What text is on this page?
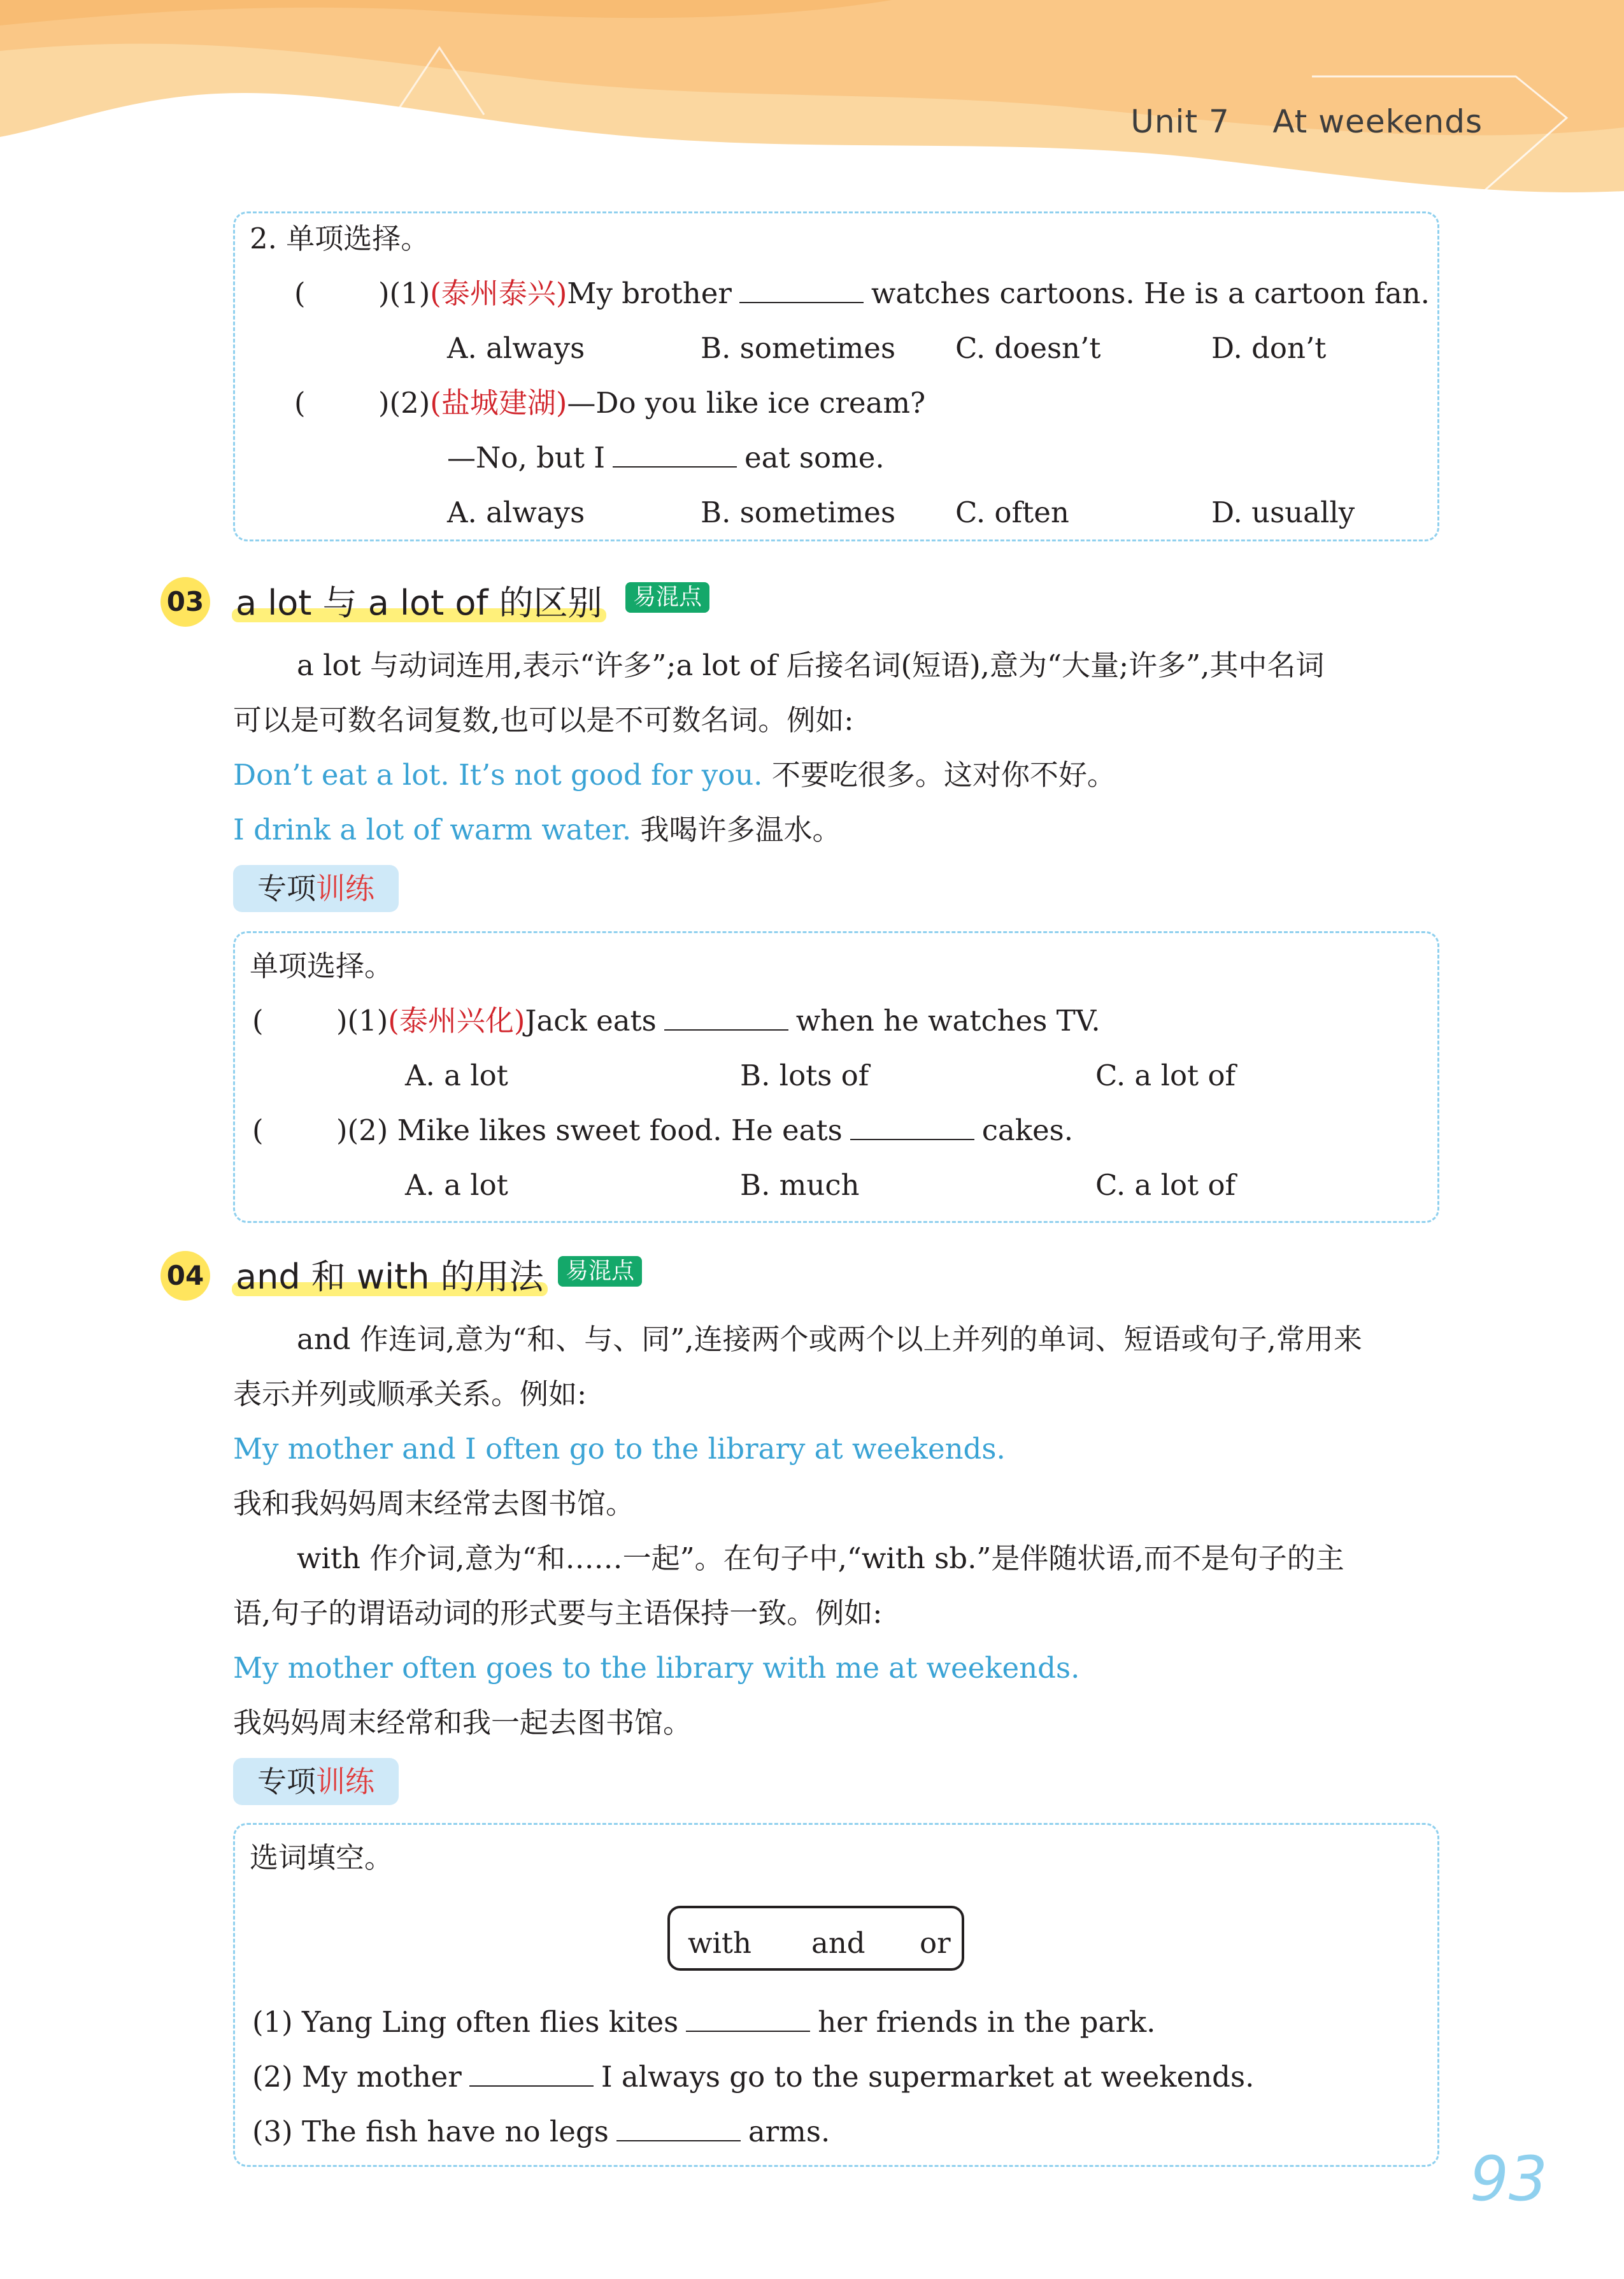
Unit 7 At weekends
2. 单项选择。
(        )(1)(泰州泰兴)My brother	watches cartoons. He is a cartoon fan.
A. always	B. sometimes C. doesn’t	D. don’t
(        )(2)(盐城建湖)—Do you like ice cream?
—No, but I	eat some.
A. always	B. sometimes C. often	D. usually
03 a lot 与 a lot of 的区别	易混点
a lot 与动词连用,表示“许多”;a lot of 后接名词(短语),意为“大量;许多”,其中名词
可以是可数名词复数,也可以是不可数名词。例如:
Don’t eat a lot. It’s not good for you. 不要吃很多。这对你不好。
I drink a lot of warm water. 我喝许多温水。
专项训练
单项选择。
(        )(1)(泰州兴化)Jack eats	when he watches TV.
A. a lot	B. lots of	C. a lot of
(        )(2) Mike likes sweet food. He eats	cakes.
A. a lot	B. much	C. a lot of
04 and 和 with 的用法 易混点
and 作连词,意为“和、与、同”,连接两个或两个以上并列的单词、短语或句子,常用来
表示并列或顺承关系。例如:
My mother and I often go to the library at weekends.
我和我妈妈周末经常去图书馆。
with 作介词,意为“和……一起”。在句子中,“with sb.”是伴随状语,而不是句子的主
语,句子的谓语动词的形式要与主语保持一致。例如:
My mother often goes to the library with me at weekends.
我妈妈周末经常和我一起去图书馆。
专项训练
选词填空。
with and or
(1) Yang Ling often flies kites	her friends in the park.
(2) My mother	I always go to the supermarket at weekends.
(3) The fish have no legs	arms.
93
